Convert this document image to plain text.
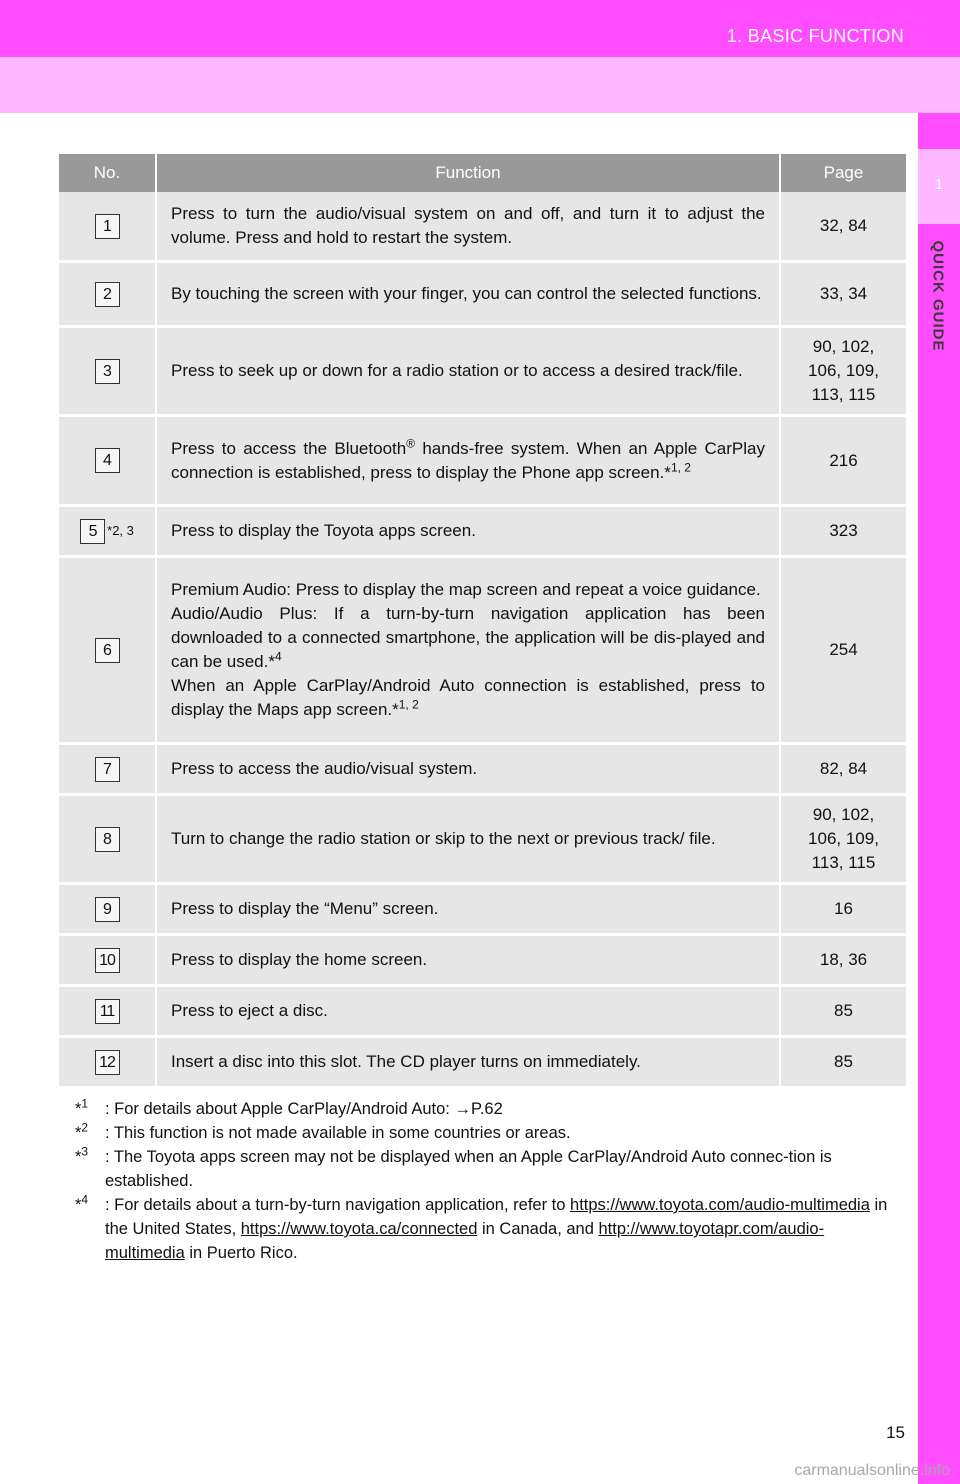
1. BASIC FUNCTION
1
QUICK GUIDE
No.	Function	Page
1	Press to turn the audio/visual system on and off, and turn it to adjust the volume. Press and hold to restart the system.	32, 84
2	By touching the screen with your finger, you can control the selected functions.	33, 34
3	Press to seek up or down for a radio station or to access a desired track/file.	90, 102,
106, 109,
113, 115
4	Press to access the Bluetooth® hands-free system. When an Apple CarPlay connection is established, press to display the Phone app screen.*$^{1, 2}$	216

5 *2, 3	Press to display the Toyota apps screen.	323
6	Premium Audio: Press to display the map screen and repeat a voice guidance.
Audio/Audio Plus: If a turn-by-turn navigation application has been downloaded to a connected smartphone, the application will be dis-played and can be used.*$^4$
When an Apple CarPlay/Android Auto connection is established, press to display the Maps app screen.*$^{1, 2}$	254
7	Press to access the audio/visual system.	82, 84
8	Turn to change the radio station or skip to the next or previous track/ file.	90, 102,
106, 109,
113, 115
9	Press to display the “Menu” screen.	16
10	Press to display the home screen.	18, 36
11	Press to eject a disc.	85
12	Insert a disc into this slot. The CD player turns on immediately.	85
*$^1$ : For details about Apple CarPlay/Android Auto: →P.62
*$^2$ : This function is not made available in some countries or areas.
*$^3$ : The Toyota apps screen may not be displayed when an Apple CarPlay/Android Auto connec-tion is established.
*$^4$ : For details about a turn-by-turn navigation application, refer to https://www.toyota.com/audio-multimedia in the United States, https://www.toyota.ca/connected in Canada, and http://www.toyotapr.com/audio-multimedia in Puerto Rico.
15
carmanualsonline.info
